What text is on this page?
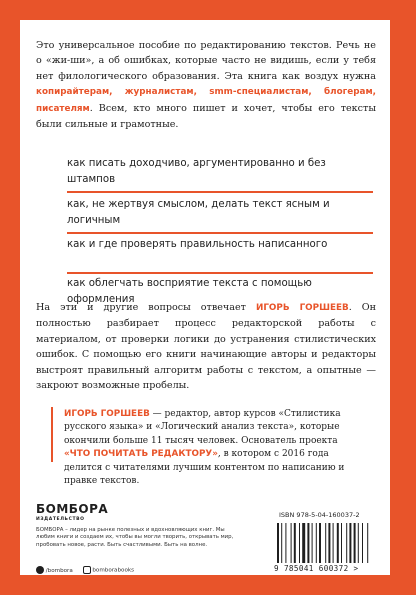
Это универсальное пособие по редактированию текстов. Речь не о «жи-ши», а об ошибках, которые часто не видишь, если у тебя нет филологического образования. Эта книга как воздух нужна копирайтерам, журналистам, smm-специалистам, блогерам, писателям. Всем, кто много пишет и хочет, чтобы его тексты были сильные и грамотные.
как писать доходчиво, аргументированно и без штампов
как, не жертвуя смыслом, делать текст ясным и логичным
как и где проверять правильность написанного
как облегчать восприятие текста с помощью оформления
На эти и другие вопросы отвечает ИГОРЬ ГОРШЕЕВ. Он полностью разбирает процесс редакторской работы с материалом, от проверки логики до устранения стилистических ошибок. С помощью его книги начинающие авторы и редакторы выстроят правильный алгоритм работы с текстом, а опытные — закроют возможные пробелы.
ИГОРЬ ГОРШЕЕВ — редактор, автор курсов «Стилистика русского языка» и «Логический анализ текста», которые окончили больше 11 тысяч человек. Основатель проекта «ЧТО ПОЧИТАТЬ РЕДАКТОРУ», в котором с 2016 года делится с читателями лучшим контентом по написанию и правке текстов.
БОМБОРА
ИЗДАТЕЛЬСТВО
БОМБОРА – лидер на рынке полезных и вдохновляющих книг. Мы любим книги и создаем их, чтобы вы могли творить, открывать мир, пробовать новое, расти. Быть счастливыми. Быть на волне.
/bombora	bomborabooks
ISBN 978-5-04-160037-2
9 785041 600372 >
